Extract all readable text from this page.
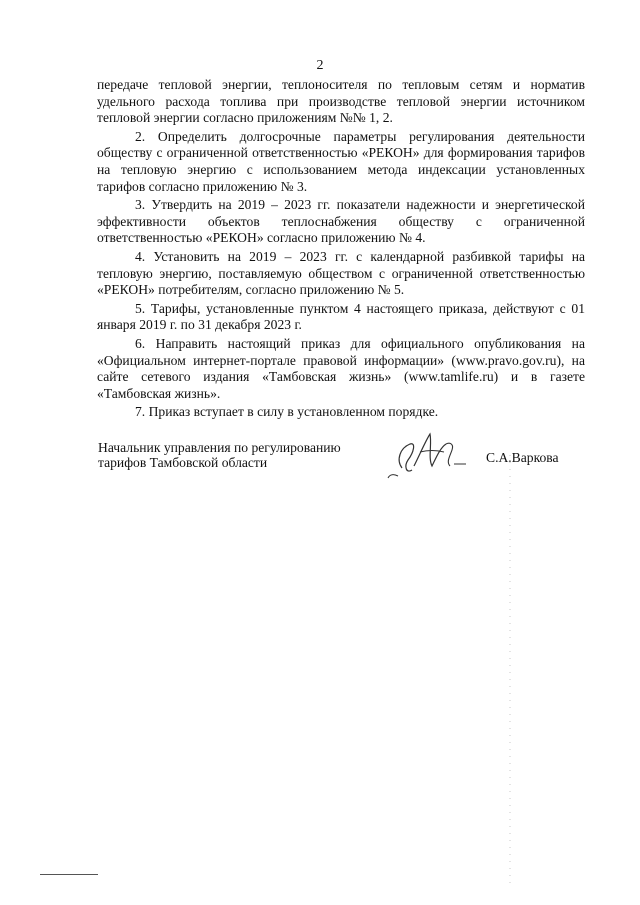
2

передаче тепловой энергии, теплоносителя по тепловым сетям и норматив удельного расхода топлива при производстве тепловой энергии источником тепловой энергии согласно приложениям №№ 1, 2.

2. Определить долгосрочные параметры регулирования деятельности обществу с ограниченной ответственностью «РЕКОН» для формирования тарифов на тепловую энергию с использованием метода индексации установленных тарифов согласно приложению № 3.

3. Утвердить на 2019 – 2023 гг. показатели надежности и энергетической эффективности объектов теплоснабжения обществу с ограниченной ответственностью «РЕКОН» согласно приложению № 4.

4. Установить на 2019 – 2023 гг. с календарной разбивкой тарифы на тепловую энергию, поставляемую обществом с ограниченной ответственностью «РЕКОН» потребителям, согласно приложению № 5.

5. Тарифы, установленные пунктом 4 настоящего приказа, действуют с 01 января 2019 г. по 31 декабря 2023 г.

6. Направить настоящий приказ для официального опубликования на «Официальном интернет-портале правовой информации» (www.pravo.gov.ru), на сайте сетевого издания «Тамбовская жизнь» (www.tamlife.ru) и в газете «Тамбовская жизнь».

7. Приказ вступает в силу в установленном порядке.

Начальник управления по регулированию
тарифов Тамбовской области	С.А.Варкова
